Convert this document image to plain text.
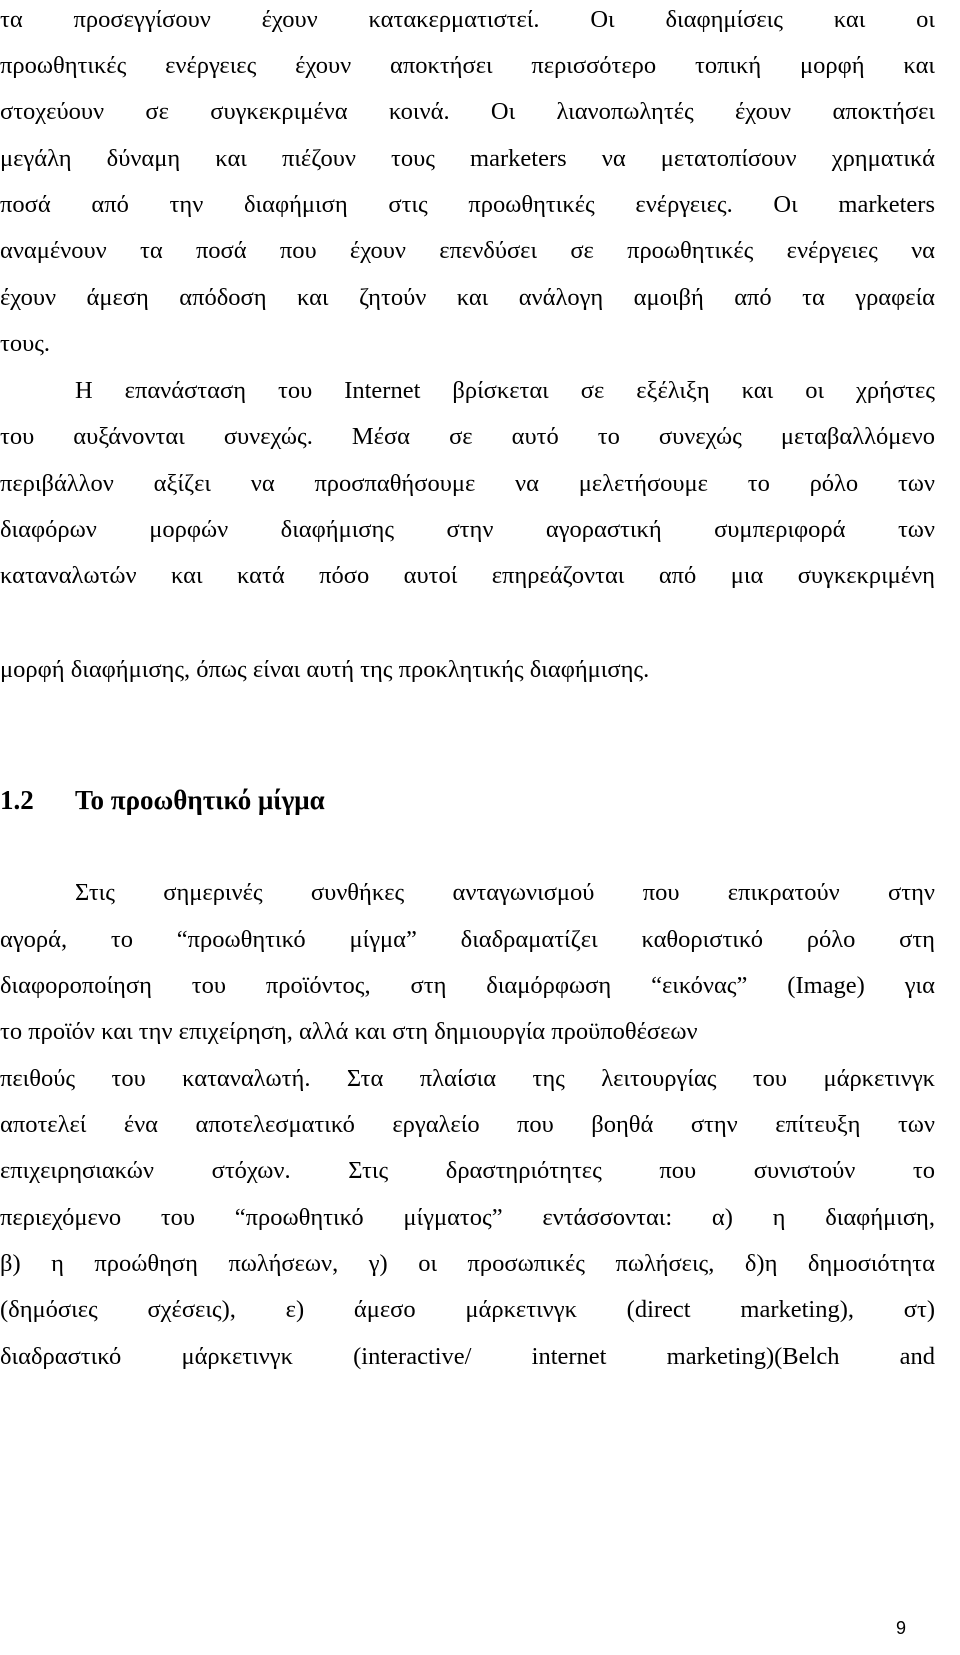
1.2 Το προωθητικό μίγμα
9
τα προσεγγίσουν έχουν κατακερματιστεί. Οι διαφημίσεις και οι
προωθητικές ενέργειες έχουν αποκτήσει περισσότερο τοπική μορφή και
στοχεύουν σε συγκεκριμένα κοινά. Οι λιανοπωλητές έχουν αποκτήσει
μεγάλη δύναμη και πιέζουν τους marketers να μετατοπίσουν χρηματικά
ποσά από την διαφήμιση στις προωθητικές ενέργειες. Οι marketers
αναμένουν τα ποσά που έχουν επενδύσει σε προωθητικές ενέργειες να
έχουν άμεση απόδοση και ζητούν και ανάλογη αμοιβή από τα γραφεία
τους.
Η επανάσταση του Internet βρίσκεται σε εξέλιξη και οι χρήστες
του αυξάνονται συνεχώς. Μέσα σε αυτό το συνεχώς μεταβαλλόμενο
περιβάλλον αξίζει να προσπαθήσουμε να μελετήσουμε το ρόλο των
διαφόρων μορφών διαφήμισης στην αγοραστική συμπεριφορά των
καταναλωτών και κατά πόσο αυτοί επηρεάζονται από μια συγκεκριμένη
μορφή διαφήμισης, όπως είναι αυτή της προκλητικής διαφήμισης.
Στις σημερινές συνθήκες ανταγωνισμού που επικρατούν στην
αγορά, το “προωθητικό μίγμα” διαδραματίζει καθοριστικό ρόλο στη
διαφοροποίηση του προϊόντος, στη διαμόρφωση “εικόνας” (Image) για
το προϊόν και την επιχείρηση, αλλά και στη δημιουργία προϋποθέσεων
πειθούς του καταναλωτή. Στα πλαίσια της λειτουργίας του μάρκετινγκ
αποτελεί ένα αποτελεσματικό εργαλείο που βοηθά στην επίτευξη των
επιχειρησιακών στόχων. Στις δραστηριότητες που συνιστούν το
περιεχόμενο του “προωθητικό μίγματος” εντάσσονται: α) η διαφήμιση,
β) η προώθηση πωλήσεων, γ) οι προσωπικές πωλήσεις, δ)η δημοσιότητα
(δημόσιες σχέσεις), ε) άμεσο μάρκετινγκ (direct marketing), στ)
διαδραστικό μάρκετινγκ (interactive/ internet marketing)(Belch and
